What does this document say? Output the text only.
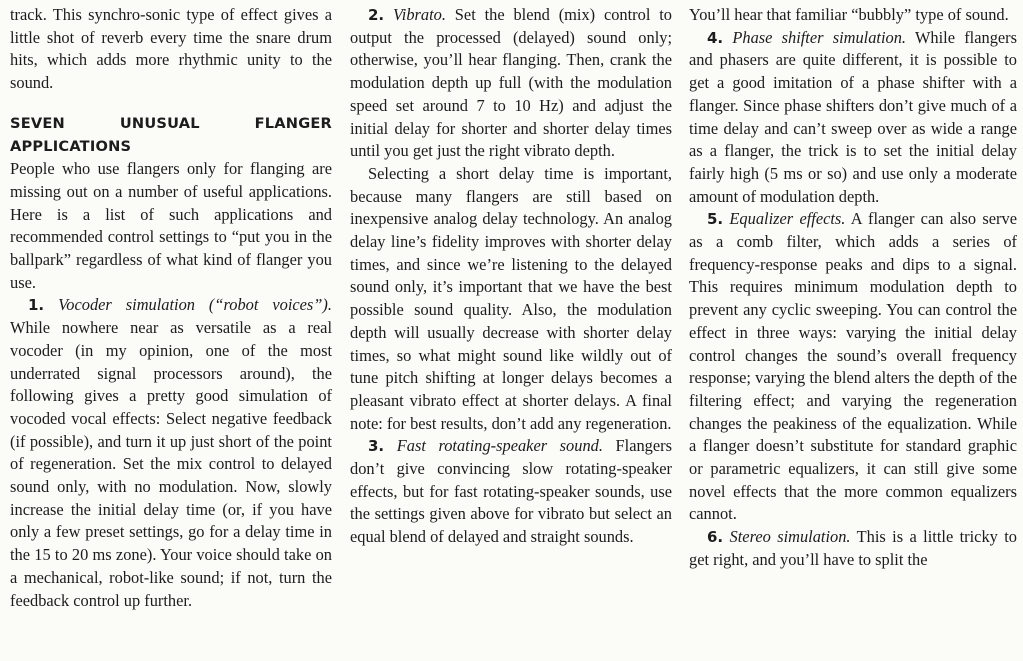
track. This synchro-sonic type of effect gives a little shot of reverb every time the snare drum hits, which adds more rhythmic unity to the sound.

SEVEN UNUSUAL FLANGER APPLICATIONS

People who use flangers only for flanging are missing out on a number of useful applications. Here is a list of such applications and recommended control settings to “put you in the ballpark” regardless of what kind of flanger you use.

1. Vocoder simulation (“robot voices”). While nowhere near as versatile as a real vocoder (in my opinion, one of the most underrated signal processors around), the following gives a pretty good simulation of vocoded vocal effects: Select negative feedback (if possible), and turn it up just short of the point of regeneration. Set the mix control to delayed sound only, with no modulation. Now, slowly increase the initial delay time (or, if you have only a few preset settings, go for a delay time in the 15 to 20 ms zone). Your voice should take on a mechanical, robot-like sound; if not, turn the feedback control up further.

2. Vibrato. Set the blend (mix) control to output the processed (delayed) sound only; otherwise, you’ll hear flanging. Then, crank the modulation depth up full (with the modulation speed set around 7 to 10 Hz) and adjust the initial delay for shorter and shorter delay times until you get just the right vibrato depth.

Selecting a short delay time is important, because many flangers are still based on inexpensive analog delay technology. An analog delay line’s fidelity improves with shorter delay times, and since we’re listening to the delayed sound only, it’s important that we have the best possible sound quality. Also, the modulation depth will usually decrease with shorter delay times, so what might sound like wildly out of tune pitch shifting at longer delays becomes a pleasant vibrato effect at shorter delays. A final note: for best results, don’t add any regeneration.

3. Fast rotating-speaker sound. Flangers don’t give convincing slow rotating-speaker effects, but for fast rotating-speaker sounds, use the settings given above for vibrato but select an equal blend of delayed and straight sounds.

You’ll hear that familiar “bubbly” type of sound.

4. Phase shifter simulation. While flangers and phasers are quite different, it is possible to get a good imitation of a phase shifter with a flanger. Since phase shifters don’t give much of a time delay and can’t sweep over as wide a range as a flanger, the trick is to set the initial delay fairly high (5 ms or so) and use only a moderate amount of modulation depth.

5. Equalizer effects. A flanger can also serve as a comb filter, which adds a series of frequency-response peaks and dips to a signal. This requires minimum modulation depth to prevent any cyclic sweeping. You can control the effect in three ways: varying the initial delay control changes the sound’s overall frequency response; varying the blend alters the depth of the filtering effect; and varying the regeneration changes the peakiness of the equalization. While a flanger doesn’t substitute for standard graphic or parametric equalizers, it can still give some novel effects that the more common equalizers cannot.

6. Stereo simulation. This is a little tricky to get right, and you’ll have to split the
